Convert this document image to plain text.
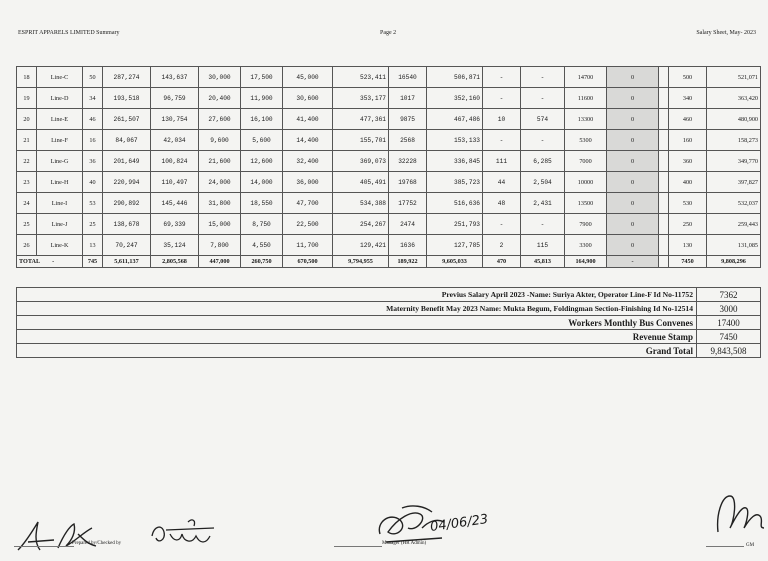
ESPRIT APPARELS LIMITED Summary	Page 2	Salary Sheet, May- 2023
18	Line-C	50	287,274	143,637	30,000	17,500	45,000	523,411	16540	506,871	-	-	14700	0		500	521,071
19	Line-D	34	193,518	96,759	20,400	11,900	30,600	353,177	1017	352,160	-	-	11600	0		340	363,420
20	Line-E	46	261,507	130,754	27,600	16,100	41,400	477,361	9875	467,486	10	574	13300	0		460	480,900
21	Line-F	16	84,067	42,034	9,600	5,600	14,400	155,701	2568	153,133	-	-	5300	0		160	158,273
22	Line-G	36	201,649	100,824	21,600	12,600	32,400	369,073	32228	336,845	111	6,285	7000	0		360	349,770
23	Line-H	40	220,994	110,497	24,000	14,000	36,000	405,491	19768	385,723	44	2,504	10000	0		400	397,827
24	Line-I	53	290,892	145,446	31,800	18,550	47,700	534,388	17752	516,636	48	2,431	13500	0		530	532,037
25	Line-J	25	138,678	69,339	15,000	8,750	22,500	254,267	2474	251,793	-	-	7900	0		250	259,443
26	Line-K	13	70,247	35,124	7,800	4,550	11,700	129,421	1636	127,785	2	115	3300	0		130	131,085
TOTAL -		745	5,611,137	2,805,568	447,000	260,750	670,500	9,794,955	189,922	9,605,033	470	45,813	164,900	-		7450	9,808,296
Previus Salary April 2023 -Name: Suriya Akter, Operator Line-F Id No-11752	7362
Maternity Benefit May 2023 Name: Mukta Begum, Foldingman Section-Finishing Id No-12514	3000
Workers Monthly Bus Convenes	17400
Revenue Stamp	7450
Grand Total	9,843,508
04/06/23
Prepared by/Checked by	Manager (HR Admin)	GM
